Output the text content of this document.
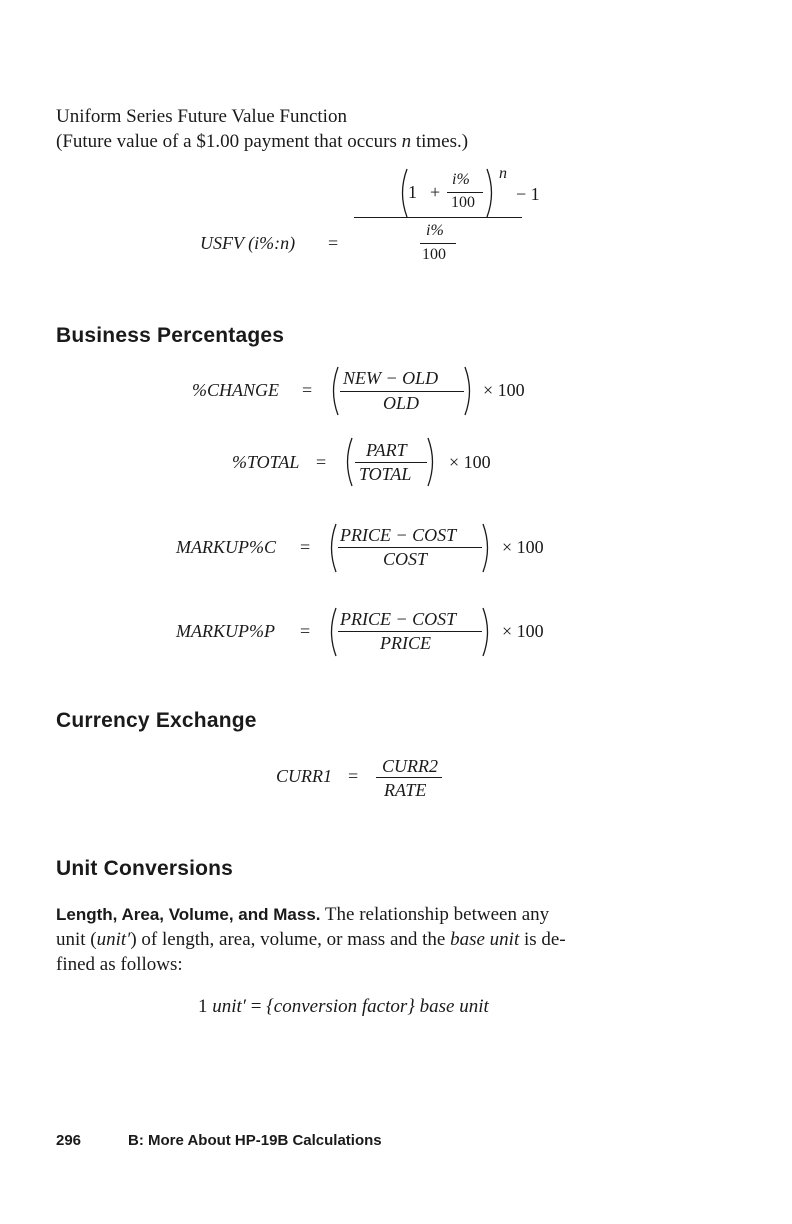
Uniform Series Future Value Function
(Future value of a $1.00 payment that occurs n times.)
USFV (i%:n) =
1 +
i%
100
n
− 1
i%
100
Business Percentages
%CHANGE =
NEW − OLD
OLD
× 100
%TOTAL =
PART
TOTAL
× 100
MARKUP%C =
PRICE − COST
COST
× 100
MARKUP%P =
PRICE − COST
PRICE
× 100
Currency Exchange
CURR1 = CURR2
RATE
Unit Conversions
Length, Area, Volume, and Mass. The relationship between any
unit (unit′) of length, area, volume, or mass and the base unit is de-
fined as follows:
1 unit′ = {conversion factor} base unit
296	B: More About HP-19B Calculations
